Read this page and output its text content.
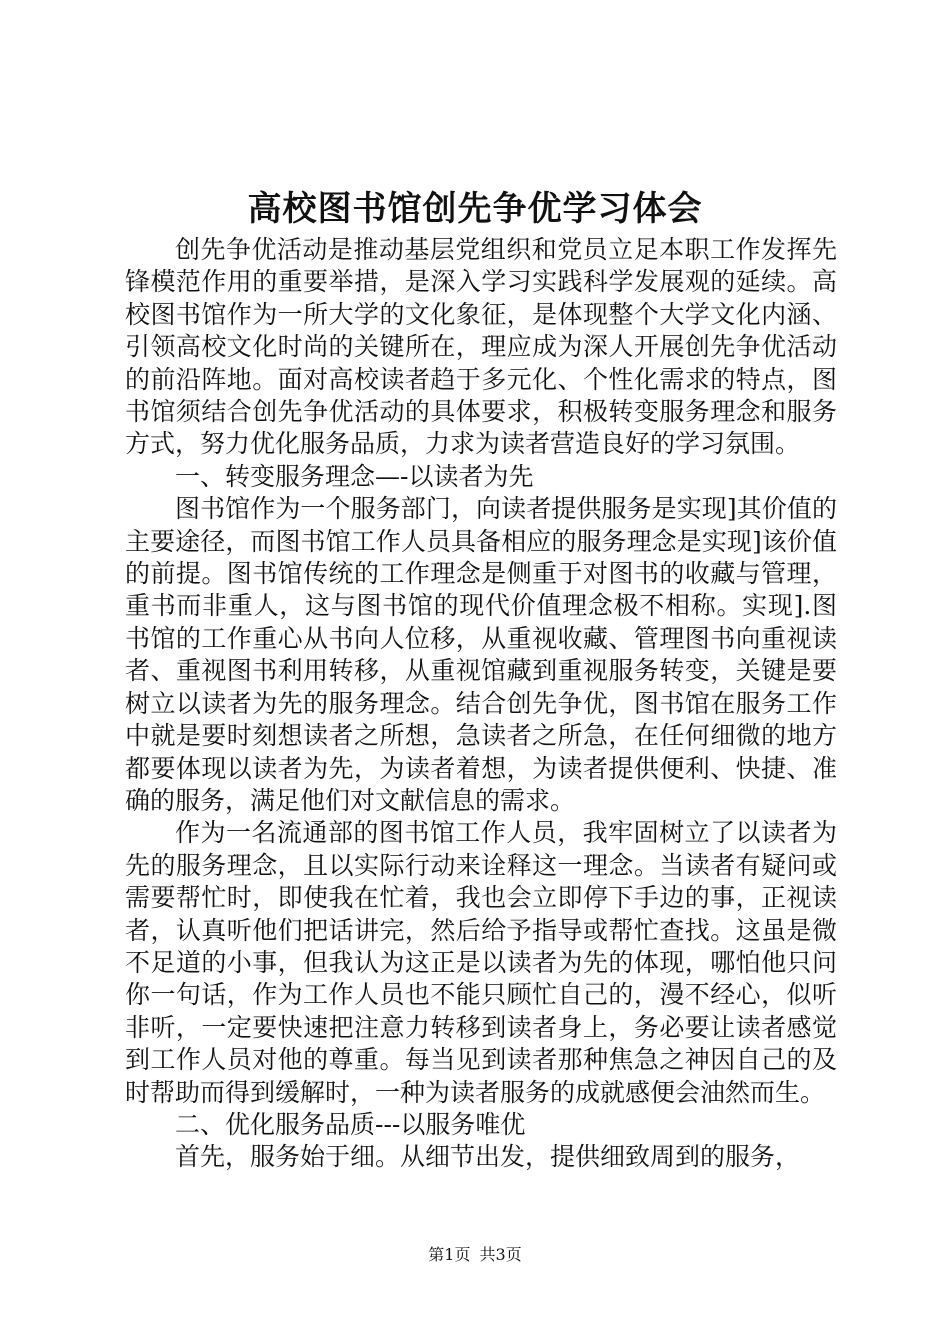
高校图书馆创先争优学习体会

创先争优活动是推动基层党组织和党员立足本职工作发挥先锋模范作用的重要举措，是深入学习实践科学发展观的延续。高校图书馆作为一所大学的文化象征，是体现整个大学文化内涵、引领高校文化时尚的关键所在，理应成为深人开展创先争优活动的前沿阵地。面对高校读者趋于多元化、个性化需求的特点，图书馆须结合创先争优活动的具体要求，积极转变服务理念和服务方式，努力优化服务品质，力求为读者营造良好的学习氛围。

一、转变服务理念—-以读者为先

图书馆作为一个服务部门，向读者提供服务是实现]其价值的主要途径，而图书馆工作人员具备相应的服务理念是实现]该价值的前提。图书馆传统的工作理念是侧重于对图书的收藏与管理，重书而非重人，这与图书馆的现代价值理念极不相称。实现].图书馆的工作重心从书向人位移，从重视收藏、管理图书向重视读者、重视图书利用转移，从重视馆藏到重视服务转变，关键是要树立以读者为先的服务理念。结合创先争优，图书馆在服务工作中就是要时刻想读者之所想，急读者之所急，在任何细微的地方都要体现以读者为先，为读者着想，为读者提供便利、快捷、准确的服务，满足他们对文献信息的需求。

作为一名流通部的图书馆工作人员，我牢固树立了以读者为先的服务理念，且以实际行动来诠释这一理念。当读者有疑问或需要帮忙时，即使我在忙着，我也会立即停下手边的事，正视读者，认真听他们把话讲完，然后给予指导或帮忙查找。这虽是微不足道的小事，但我认为这正是以读者为先的体现，哪怕他只问你一句话，作为工作人员也不能只顾忙自己的，漫不经心，似听非听，一定要快速把注意力转移到读者身上，务必要让读者感觉到工作人员对他的尊重。每当见到读者那种焦急之神因自己的及时帮助而得到缓解时，一种为读者服务的成就感便会油然而生。

二、优化服务品质---以服务唯优

首先，服务始于细。从细节出发，提供细致周到的服务，

第1页 共3页
